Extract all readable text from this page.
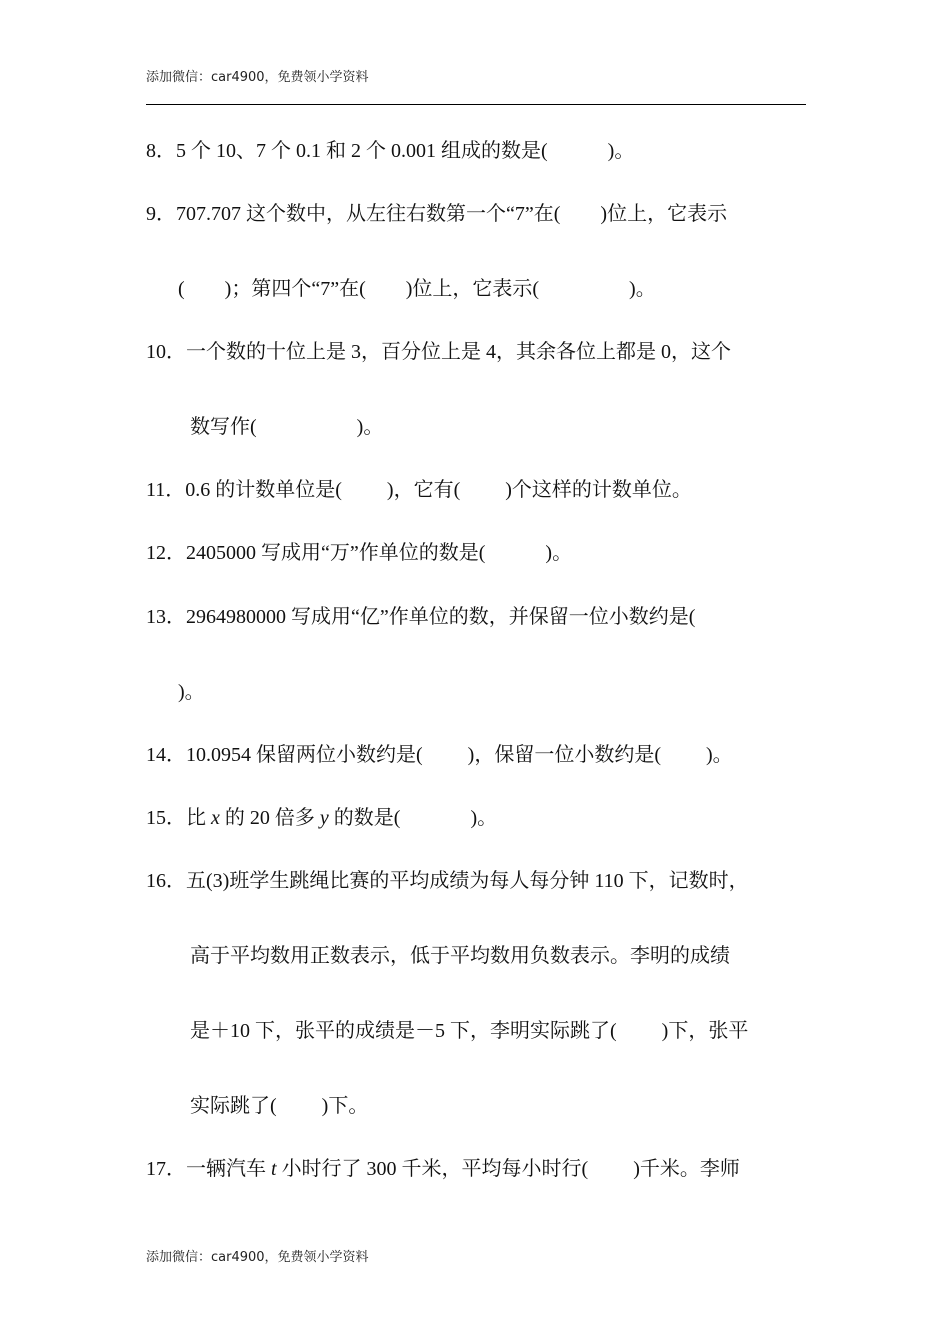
添加微信：car4900，免费领小学资料
8．5 个 10、7 个 0.1 和 2 个 0.001 组成的数是(            )。
9．707.707 这个数中，从左往右数第一个“7”在(        )位上，它表示
(        )；第四个“7”在(        )位上，它表示(                  )。
10．一个数的十位上是 3，百分位上是 4，其余各位上都是 0，这个
数写作(                    )。
11．0.6 的计数单位是(         )，它有(         )个这样的计数单位。
12．2405000 写成用“万”作单位的数是(            )。
13．2964980000 写成用“亿”作单位的数，并保留一位小数约是(
)。
14．10.0954 保留两位小数约是(         )，保留一位小数约是(         )。
15．比 x 的 20 倍多 y 的数是(              )。
16．五(3)班学生跳绳比赛的平均成绩为每人每分钟 110 下，记数时，
高于平均数用正数表示，低于平均数用负数表示。李明的成绩
是＋10 下，张平的成绩是－5 下，李明实际跳了(         )下，张平
实际跳了(         )下。
17．一辆汽车 t 小时行了 300 千米，平均每小时行(         )千米。李师
添加微信：car4900，免费领小学资料
